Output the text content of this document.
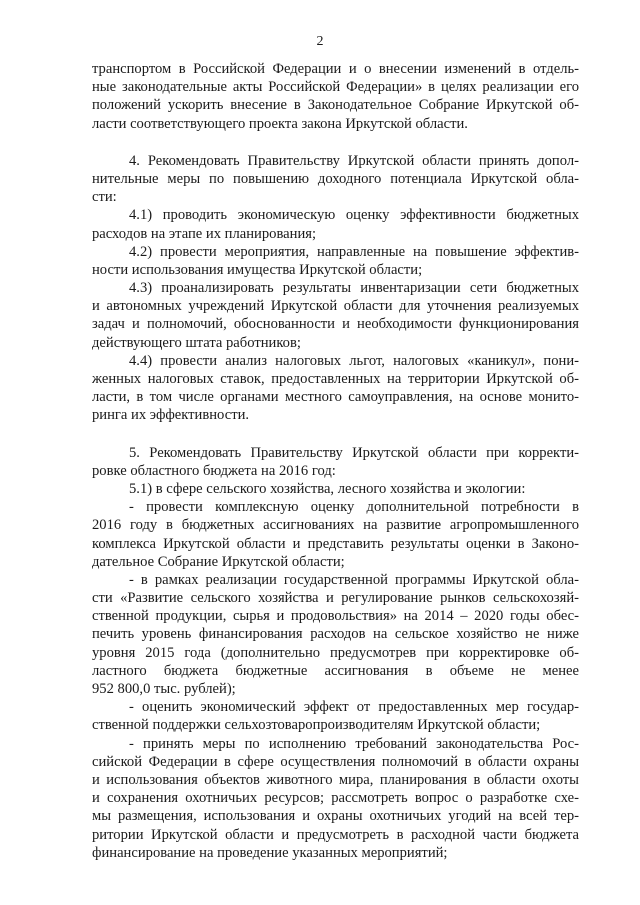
2
транспортом в Российской Федерации и о внесении изменений в отдель-
ные законодательные акты Российской Федерации» в целях реализации его
положений ускорить внесение в Законодательное Собрание Иркутской об-
ласти соответствующего проекта закона Иркутской области.
4. Рекомендовать Правительству Иркутской области принять допол-
нительные меры по повышению доходного потенциала Иркутской обла-
сти:
4.1) проводить экономическую оценку эффективности бюджетных
расходов на этапе их планирования;
4.2) провести мероприятия, направленные на повышение эффектив-
ности использования имущества Иркутской области;
4.3) проанализировать результаты инвентаризации сети бюджетных
и автономных учреждений Иркутской области для уточнения реализуемых
задач и полномочий, обоснованности и необходимости функционирования
действующего штата работников;
4.4) провести анализ налоговых льгот, налоговых «каникул», пони-
женных налоговых ставок, предоставленных на территории Иркутской об-
ласти, в том числе органами местного самоуправления, на основе монито-
ринга их эффективности.
5. Рекомендовать Правительству Иркутской области при корректи-
ровке областного бюджета на 2016 год:
5.1) в сфере сельского хозяйства, лесного хозяйства и экологии:
- провести комплексную оценку дополнительной потребности в
2016 году в бюджетных ассигнованиях на развитие агропромышленного
комплекса Иркутской области и представить результаты оценки в Законо-
дательное Собрание Иркутской области;
- в рамках реализации государственной программы Иркутской обла-
сти «Развитие сельского хозяйства и регулирование рынков сельскохозяй-
ственной продукции, сырья и продовольствия» на 2014 – 2020 годы обес-
печить уровень финансирования расходов на сельское хозяйство не ниже
уровня 2015 года (дополнительно предусмотрев при корректировке об-
ластного бюджета бюджетные ассигнования в объеме не менее
952 800,0 тыс. рублей);
- оценить экономический эффект от предоставленных мер государ-
ственной поддержки сельхозтоваропроизводителям Иркутской области;
- принять меры по исполнению требований законодательства Рос-
сийской Федерации в сфере осуществления полномочий в области охраны
и использования объектов животного мира, планирования в области охоты
и сохранения охотничьих ресурсов; рассмотреть вопрос о разработке схе-
мы размещения, использования и охраны охотничьих угодий на всей тер-
ритории Иркутской области и предусмотреть в расходной части бюджета
финансирование на проведение указанных мероприятий;
